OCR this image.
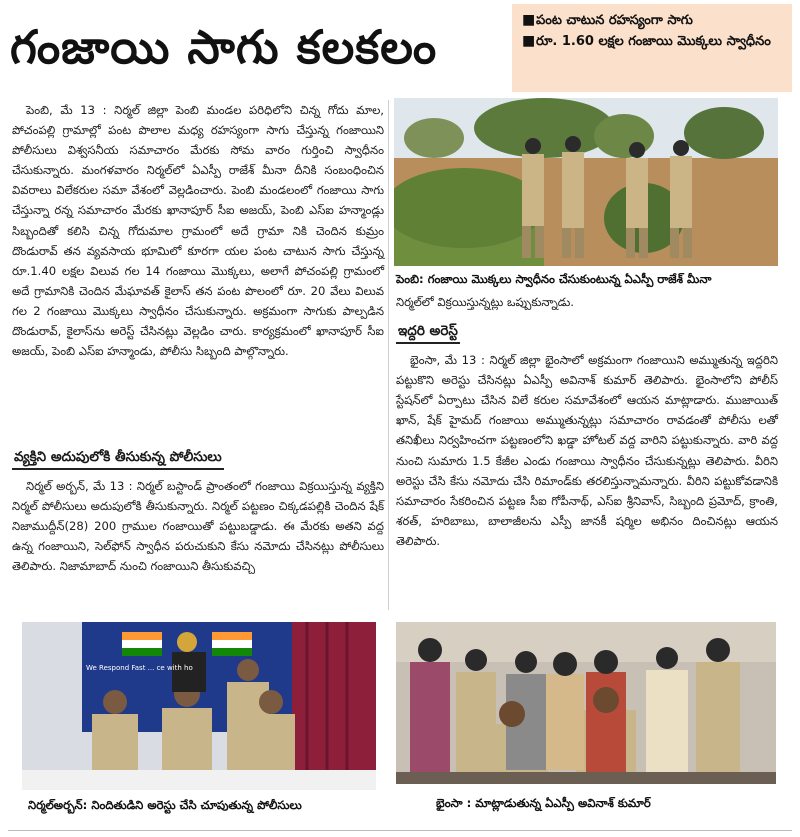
గంజాయి సాగు కలకలం	■ పంట చాటున రహస్యంగా సాగు
■ రూ. 1.60 లక్షల గంజాయి మొక్కలు స్వాధీనం

పెంబి, మే 13 : నిర్మల్ జిల్లా పెంబి మండల పరిధిలోని చిన్న గోదు మాల, పోచంపల్లి గ్రామాల్లో పంట పొలాల మధ్య రహస్యంగా సాగు చేస్తున్న గంజాయిని పోలీసులు విశ్వసనీయ సమాచారం మేరకు సోమ వారం గుర్తించి స్వాధీనం చేసుకున్నారు. మంగళవారం నిర్మల్‌లో ఏఎస్పీ రాజేశ్ మీనా దీనికి సంబంధించిన వివరాలు విలేకరుల సమా వేశంలో వెల్లడించారు. పెంబి మండలంలో గంజాయి సాగు చేస్తున్నా రన్న సమాచారం మేరకు ఖానాపూర్ సీఐ అజయ్, పెంబి ఎస్ఐ హన్మాండ్లు సిబ్బందితో కలిసి చిన్న గోదుమాల గ్రామంలో అదే గ్రామా నికి చెందిన కుమ్రం దొండురావ్ తన వ్యవసాయ భూమిలో కూరగా యల పంట చాటున సాగు చేస్తున్న రూ.1.40 లక్షల విలువ గల 14 గంజాయి మొక్కలు, అలాగే పోచంపల్లి గ్రామంలో అదే గ్రామానికి చెందిన మేఘావత్ కైలాస్ తన పంట పొలంలో రూ. 20 వేలు విలువ గల 2 గంజాయి మొక్కలు స్వాధీనం చేసుకున్నారు. అక్రమంగా సాగుకు పాల్పడిన దొండురావ్, కైలాస్‌ను అరెస్ట్ చేసినట్లు వెల్లడిం చారు. కార్యక్రమంలో ఖానాపూర్ సీఐ అజయ్, పెంబి ఎస్ఐ హన్మాండు, పోలీసు సిబ్బంది పాల్గొన్నారు.

వ్యక్తిని అదుపులోకి తీసుకున్న పోలీసులు

నిర్మల్ అర్బన్, మే 13 : నిర్మల్ బస్టాండ్ ప్రాంతంలో గంజాయి విక్రయిస్తున్న వ్యక్తిని నిర్మల్ పోలీసులు అదుపులోకి తీసుకున్నారు. నిర్మల్ పట్టణం చిక్కడపల్లికి చెందిన షేక్ నిజాముద్దీన్(28) 200 గ్రాముల గంజాయితో పట్టుబడ్డాడు. ఈ మేరకు అతని వద్ద ఉన్న గంజాయిని, సెల్‌ఫోన్ స్వాధీన పరుచుకుని కేసు నమోదు చేసినట్లు పోలీసులు తెలిపారు. నిజామాబాద్ నుంచి గంజాయిని తీసుకువచ్చి

పెంబి: గంజాయి మొక్కలు స్వాధీనం చేసుకుంటున్న ఏఎస్పీ రాజేశ్ మీనా

నిర్మల్‌లో విక్రయిస్తున్నట్లు ఒప్పుకున్నాడు.

ఇద్దరి అరెస్ట్

భైంసా, మే 13 : నిర్మల్ జిల్లా భైంసాలో అక్రమంగా గంజాయిని అమ్ముతున్న ఇద్దరిని పట్టుకొని అరెస్టు చేసినట్లు ఏఎస్పీ అవినాశ్ కుమార్ తెలిపారు. భైంసాలోని పోలీస్ స్టేషన్‌లో ఏర్పాటు చేసిన విలే కరుల సమావేశంలో ఆయన మాట్లాడారు. ముజాయిత్ ఖాన్, షేక్ హైమద్ గంజాయి అమ్ముతున్నట్లు సమాచారం రావడంతో పోలీసు లతో తనిఖీలు నిర్వహించగా పట్టణంలోని ఖడ్డా హోటల్ వద్ద వారిని పట్టుకున్నారు. వారి వద్ద నుంచి సుమారు 1.5 కేజీల ఎండు గంజాయి స్వాధీనం చేసుకున్నట్లు తెలిపారు. వీరిని అరెస్టు చేసి కేసు నమోదు చేసి రిమాండ్‌కు తరలిస్తున్నామన్నారు. వీరిని పట్టుకోవడానికి సమాచారం సేకరించిన పట్టణ సీఐ గోపీనాథ్, ఎస్ఐ శ్రీనివాస్, సిబ్బంది ప్రమోద్, క్రాంతి, శరత్, హరిబాబు, బాలాజీలను ఎస్పీ జానకీ షర్మిల అభినం దించినట్లు ఆయన తెలిపారు.

We Respond Fast ... ce with ho
నిర్మల్అర్బన్: నిందితుడిని అరెస్టు చేసి చూపుతున్న పోలీసులు	భైంసా : మాట్లాడుతున్న ఏఎస్పీ అవినాశ్ కుమార్
